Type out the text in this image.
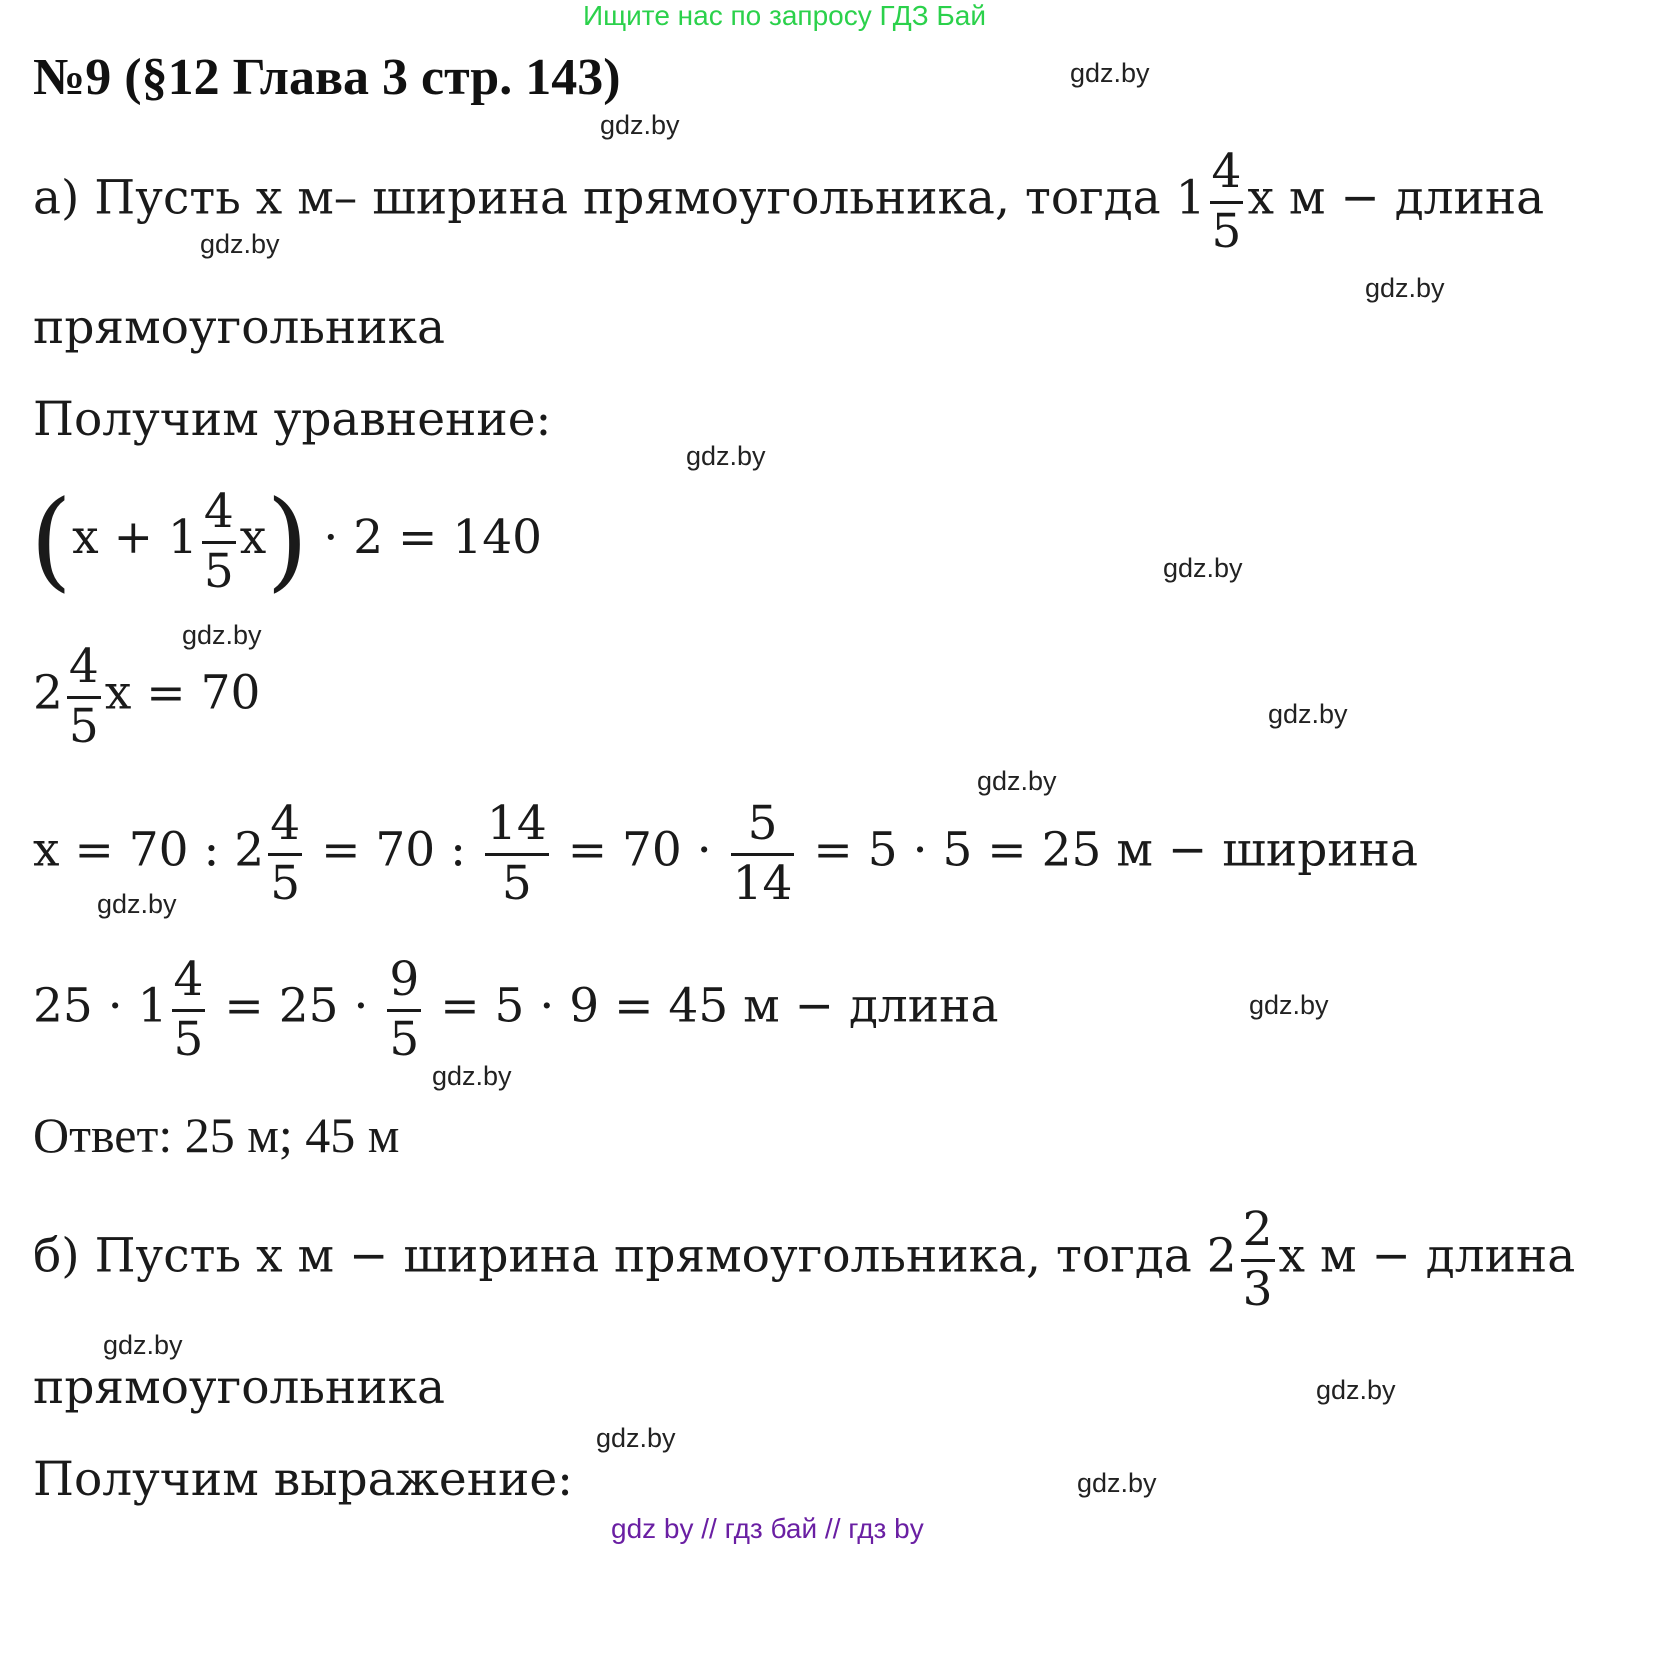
Ищите нас по запросу ГДЗ Бай
№9 (§12 Глава 3 стр. 143)	gdz.by
gdz.by
gdz.by
gdz.by
gdz.by
gdz.by
gdz.by
gdz.by
gdz.by
gdz.by
gdz.by
gdz.by
gdz.by
gdz.by
gdz.by
gdz.by
а) Пусть х м– ширина прямоугольника, тогда $1 \frac{4}{5}$ х м − длина
прямоугольника
Получим уравнение:
$(х + 1 \frac{4}{5} х) \cdot 2 = 140$
$2 \frac{4}{5}$ х = 70
х = 70 : $2 \frac{4}{5} = 70$ : $\frac{14}{5} = 70 \cdot \frac{5}{14} = 5 \cdot 5 = 25$ м − ширина
$25 \cdot 1 \frac{4}{5} = 25 \cdot \frac{9}{5} = 5 \cdot 9 = 45$ м − длина
Ответ: 25 м; 45 м
б) Пусть х м − ширина прямоугольника, тогда $2 \frac{2}{3}$ х м − длина
прямоугольника
Получим выражение:
gdz by // гдз бай // гдз by
